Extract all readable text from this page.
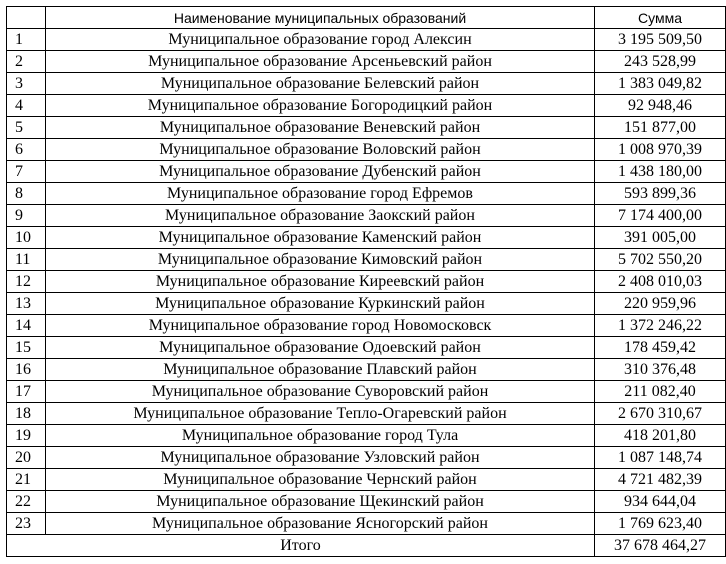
	Наименование муниципальных образований	Сумма
1	Муниципальное образование город Алексин	3 195 509,50
2	Муниципальное образование Арсеньевский район	243 528,99
3	Муниципальное образование Белевский район	1 383 049,82
4	Муниципальное образование Богородицкий район	92 948,46
5	Муниципальное образование Веневский район	151 877,00
6	Муниципальное образование Воловский район	1 008 970,39
7	Муниципальное образование Дубенский район	1 438 180,00
8	Муниципальное образование город Ефремов	593 899,36
9	Муниципальное образование Заокский район	7 174 400,00
10	Муниципальное образование Каменский район	391 005,00
11	Муниципальное образование Кимовский район	5 702 550,20
12	Муниципальное образование Киреевский район	2 408 010,03
13	Муниципальное образование Куркинский район	220 959,96
14	Муниципальное образование город Новомосковск	1 372 246,22
15	Муниципальное образование Одоевский район	178 459,42
16	Муниципальное образование Плавский район	310 376,48
17	Муниципальное образование Суворовский район	211 082,40
18	Муниципальное образование Тепло-Огаревский район	2 670 310,67
19	Муниципальное образование город Тула	418 201,80
20	Муниципальное образование Узловский район	1 087 148,74
21	Муниципальное образование Чернский район	4 721 482,39
22	Муниципальное образование Щекинский район	934 644,04
23	Муниципальное образование Ясногорский район	1 769 623,40
Итого		37 678 464,27
